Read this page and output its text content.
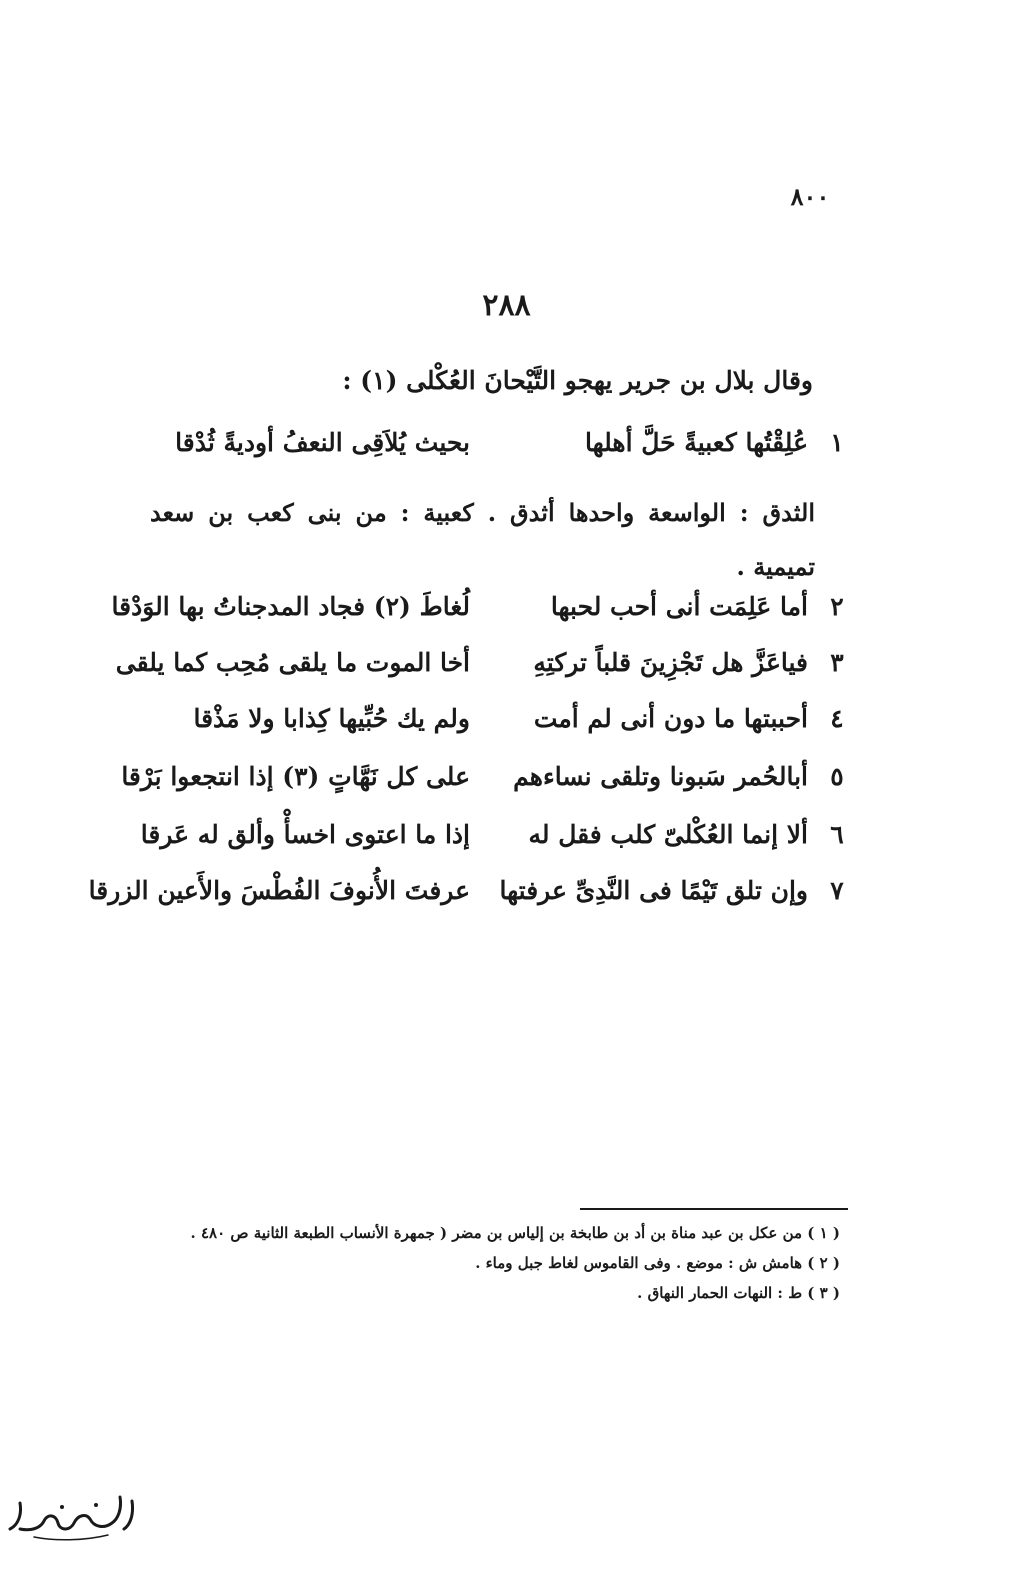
٨٠٠
٢٨٨
وقال بلال بن جرير يهجو التَّيْحانَ العُكْلى (١) :
١
عُلِقْتُها كعبيةً حَلَّ أهلها
بحيث يُلاَقِى النعفُ أوديةً ثُدْقا
الثدق : الواسعة واحدها أثدق . كعبية : من بنى كعب بن سعد تميمية .
٢
أما عَلِمَت أنى أحب لحبها
لُغاطَ (٢) فجاد المدجناتُ بها الوَدْقا
٣
فياعَزَّ هل تَجْزِينَ قلباً تركتِهِ
أخا الموت ما يلقى مُحِب كما يلقى
٤
أحببتها ما دون أنى لم أمت
ولم يك حُبِّيها كِذابا ولا مَذْقا
٥
أبالحُمر سَبونا وتلقى نساءهم
على كل نَهَّاتٍ (٣) إذا انتجعوا بَرْقا
٦
ألا إنما العُكْلىّ كلب فقل له
إذا ما اعتوى اخسأْ وألق له عَرقا
٧
وإن تلق تَيْمًا فى النَّدِىِّ عرفتها
عرفتَ الأُنوفَ الفُطْسَ والأَعين الزرقا
( ١ ) من عكل بن عبد مناة بن أد بن طابخة بن إلياس بن مضر ( جمهرة الأنساب الطبعة الثانية ص ٤٨٠ .
( ٢ ) هامش ش : موضع . وفى القاموس لغاط جبل وماء .
( ٣ ) ط : النهات الحمار النهاق .
